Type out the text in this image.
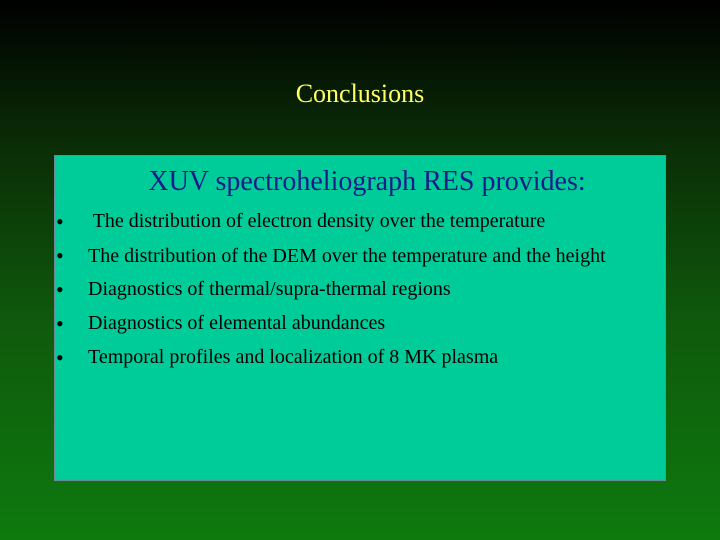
Conclusions
XUV spectroheliograph RES provides:
•	The distribution of electron density over the temperature
•	The distribution of the DEM over the temperature and the height
•	Diagnostics of thermal/supra-thermal regions
•	Diagnostics of elemental abundances
•	Temporal profiles and localization of 8 MK plasma
